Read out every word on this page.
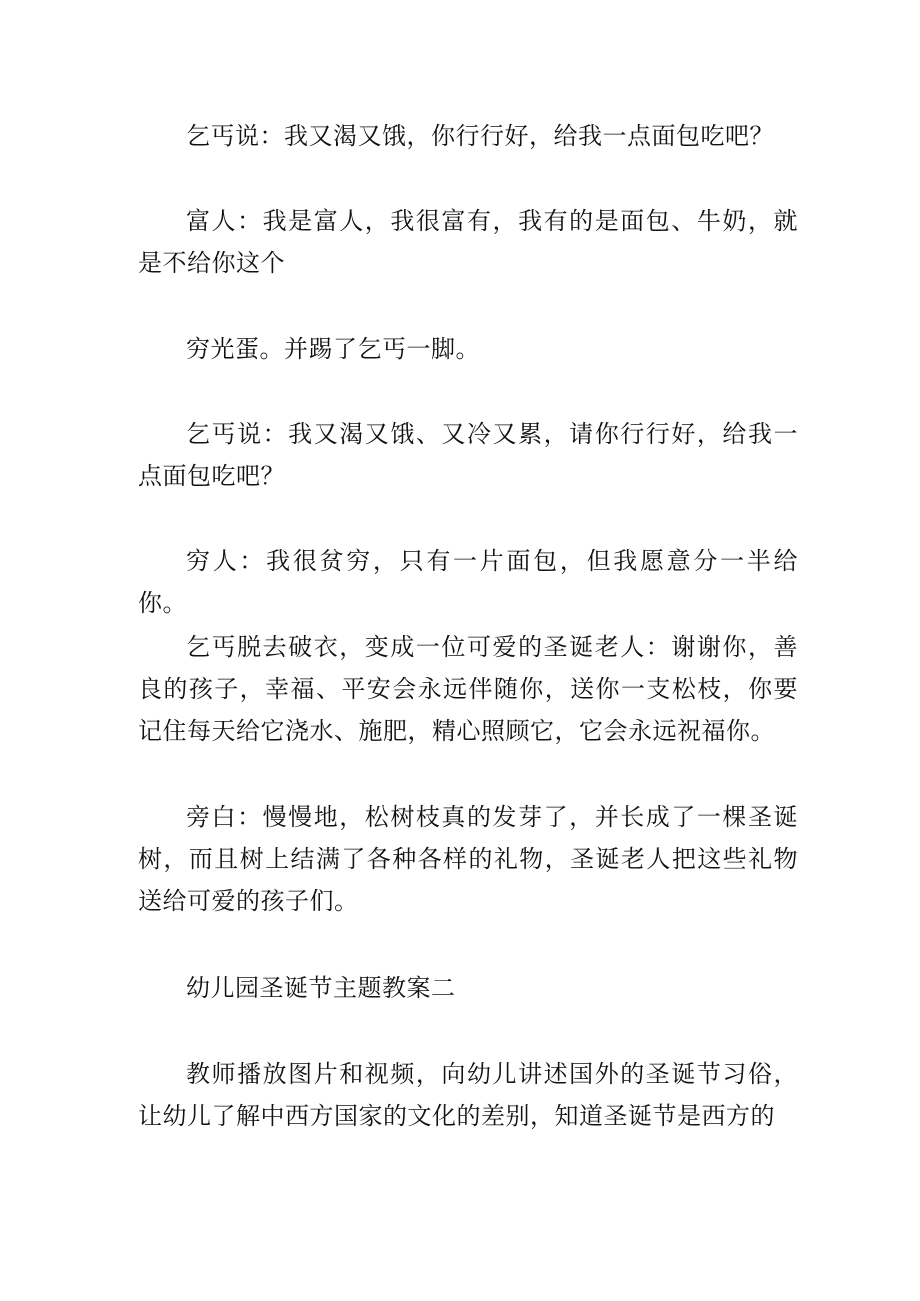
乞丐说：我又渴又饿，你行行好，给我一点面包吃吧？

富人：我是富人，我很富有，我有的是面包、牛奶，就是不给你这个

穷光蛋。并踢了乞丐一脚。

乞丐说：我又渴又饿、又冷又累，请你行行好，给我一点面包吃吧？

穷人：我很贫穷，只有一片面包，但我愿意分一半给你。

乞丐脱去破衣，变成一位可爱的圣诞老人：谢谢你，善良的孩子，幸福、平安会永远伴随你，送你一支松枝，你要记住每天给它浇水、施肥，精心照顾它，它会永远祝福你。

旁白：慢慢地，松树枝真的发芽了，并长成了一棵圣诞树，而且树上结满了各种各样的礼物，圣诞老人把这些礼物送给可爱的孩子们。

幼儿园圣诞节主题教案二

教师播放图片和视频，向幼儿讲述国外的圣诞节习俗，让幼儿了解中西方国家的文化的差别，知道圣诞节是西方的
